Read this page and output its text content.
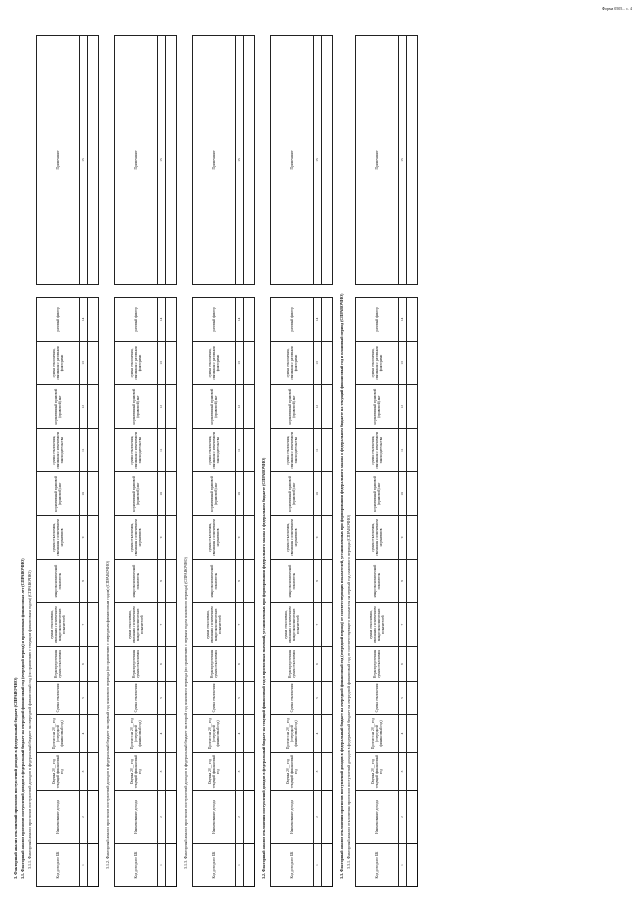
Форма 0505... с. 4
3. Факторный анализ отклонений прогнозов поступлений доходов в федеральный бюджет (СПРАВОЧНО) 3.1. Факторный анализ прогнозов поступлений доходов в федеральный бюджет на очередной финансовый год (очередной период) и прогнозных финансовых лет (СПРАВОЧНО) 3.1.1. Факторный анализ прогнозов поступлений доходов в федеральный бюджет на очередной финансовый год (по сравнению с текущим финансовым годом) (СПРАВОЧНО)	Код дохода по БК	Наименование дохода	Оценка 20__ год текущий финансовый год	Прогноз на 20__ год (очередной финансовый год)	Сумма отклонения	Нераспределенная сумма отклонения	сумма отклонения, связанная с изменением макроэкономических показателей	макроэкономический показатель	сумма отклонения, связанная с изменением нормативов	нормативный правовой (правовой) акт	сумма отклонения, связанная с изменением законодательства	нормативный правовой (правовой) акт	сумма отклонения, связанная с разовыми факторами	разовый фактор
1	2	3	4	5	6	7	8	9	10	11	12	13	14

Примечание
15

3.1.2. Факторный анализ прогнозов поступлений доходов в федеральный бюджет на первый год планового периода (по сравнению с очередным финансовым годом) (СПРАВОЧНО)	Код дохода по БК	Наименование дохода	Оценка 20__ год текущий финансовый год	Прогноз на 20__ год (очередной финансовый год)	Сумма отклонения	Нераспределенная сумма отклонения	сумма отклонения, связанная с изменением макроэкономических показателей	макроэкономический показатель	сумма отклонения, связанная с изменением нормативов	нормативный правовой (правовой) акт	сумма отклонения, связанная с изменением законодательства	нормативный правовой (правовой) акт	сумма отклонения, связанная с разовыми факторами	разовый фактор
1	2	3	4	5	6	7	8	9	10	11	12	13	14

Примечание
15

3.1.3. Факторный анализ прогнозов поступлений доходов в федеральный бюджет на второй год планового периода (по сравнению с первым годом планового периода) (СПРАВОЧНО)	Код дохода по БК	Наименование дохода	Оценка 20__ год текущий финансовый год	Прогноз на 20__ год (очередной финансовый год)	Сумма отклонения	Нераспределенная сумма отклонения	сумма отклонения, связанная с изменением макроэкономических показателей	макроэкономический показатель	сумма отклонения, связанная с изменением нормативов	нормативный правовой (правовой) акт	сумма отклонения, связанная с изменением законодательства	нормативный правовой (правовой) акт	сумма отклонения, связанная с разовыми факторами	разовый фактор
1	2	3	4	5	6	7	8	9	10	11	12	13	14

Примечание
15

3.2. Факторный анализ отклонения поступлений доходов в федеральный бюджет на текущий финансовый год и прогнозных значений, установленных при формировании федерального закона о федеральном бюджете (СПРАВОЧНО)	Код дохода по БК	Наименование дохода	Оценка 20__ год текущий финансовый год	Прогноз на 20__ год (очередной финансовый год)	Сумма отклонения	Нераспределенная сумма отклонения	сумма отклонения, связанная с изменением макроэкономических показателей	макроэкономический показатель	сумма отклонения, связанная с изменением нормативов	нормативный правовой (правовой) акт	сумма отклонения, связанная с изменением законодательства	нормативный правовой (правовой) акт	сумма отклонения, связанная с разовыми факторами	разовый фактор
1	2	3	4	5	6	7	8	9	10	11	12	13	14

Примечание
15

3.3. Факторный анализ отклонения прогнозов поступлений доходов в федеральный бюджет на очередной финансовый год (очередной период) от соответствующих показателей, установленных при формировании федерального закона о федеральном бюджете на текущий финансовый год и плановый период (СПРАВОЧНО) 3.3.1. Факторный анализ отклонения прогнозов поступлений доходов в федеральный бюджет на очередной финансовый год от соответствующего показателя на первый год планового периода (СПРАВОЧНО)	Код дохода по БК	Наименование дохода	Оценка 20__ год текущий финансовый год	Прогноз на 20__ год (очередной финансовый год)	Сумма отклонения	Нераспределенная сумма отклонения	сумма отклонения, связанная с изменением макроэкономических показателей	макроэкономический показатель	сумма отклонения, связанная с изменением нормативов	нормативный правовой (правовой) акт	сумма отклонения, связанная с изменением законодательства	нормативный правовой (правовой) акт	сумма отклонения, связанная с разовыми факторами	разовый фактор
1	2	3	4	5	6	7	8	9	10	11	12	13	14

Примечание
15
